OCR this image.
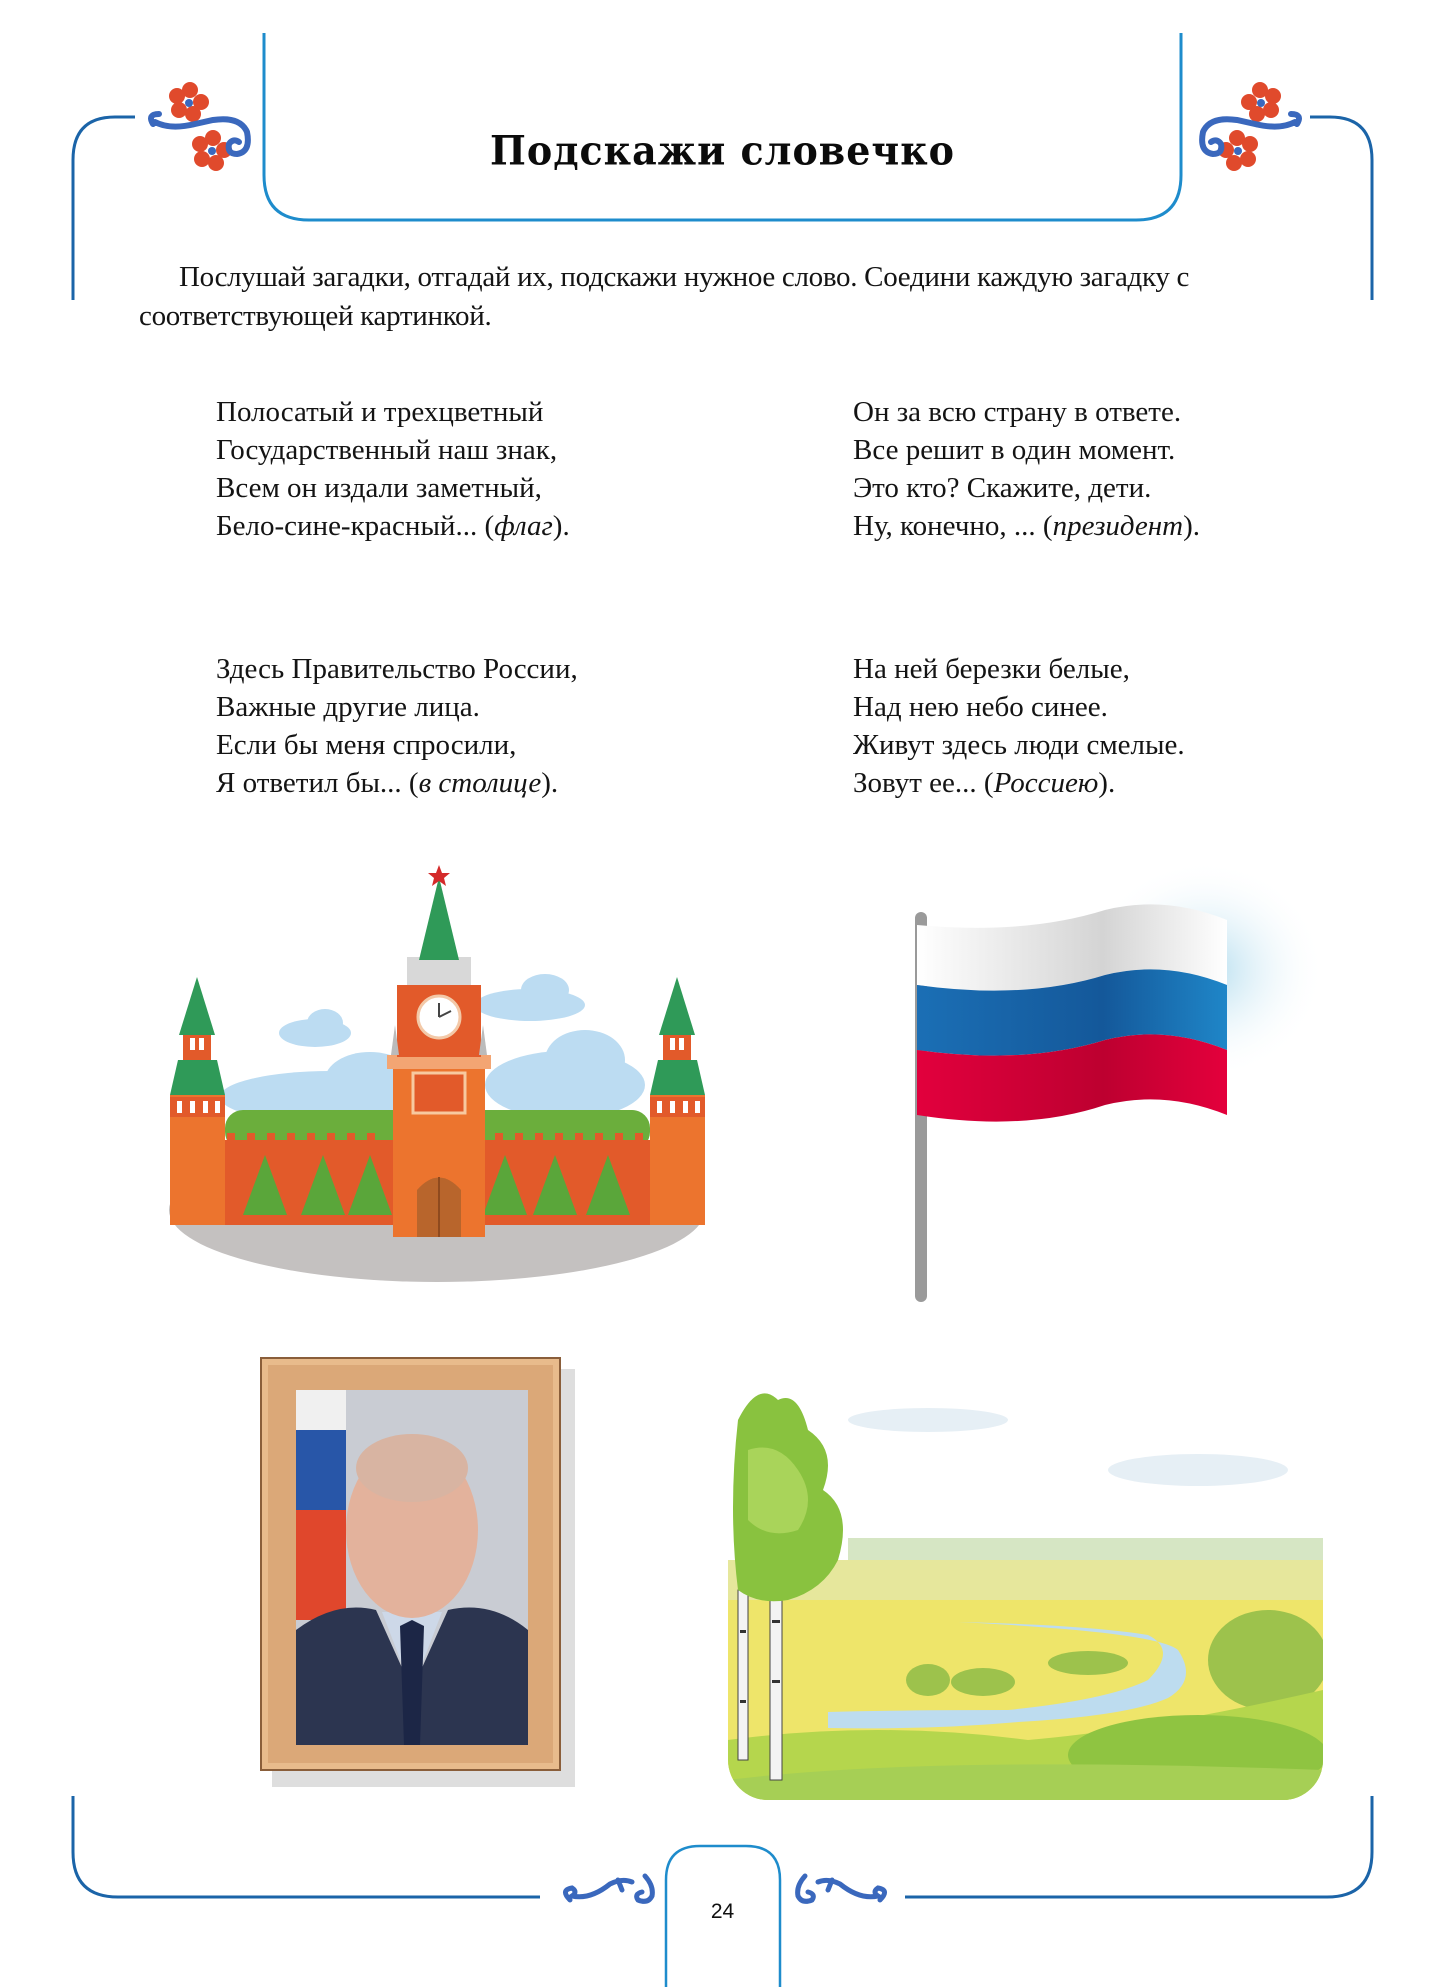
Подскажи словечко
Послушай загадки, отгадай их, подскажи нужное слово. Соедини каждую загадку с соответствующей картинкой.
Полосатый и трехцветный
Государственный наш знак,
Всем он издали заметный,
Бело-сине-красный... (флаг).
Он за всю страну в ответе.
Все решит в один момент.
Это кто? Скажите, дети.
Ну, конечно, ... (президент).
Здесь Правительство России,
Важные другие лица.
Если бы меня спросили,
Я ответил бы... (в столице).
На ней березки белые,
Над нею небо синее.
Живут здесь люди смелые.
Зовут ее... (Россиею).
24
